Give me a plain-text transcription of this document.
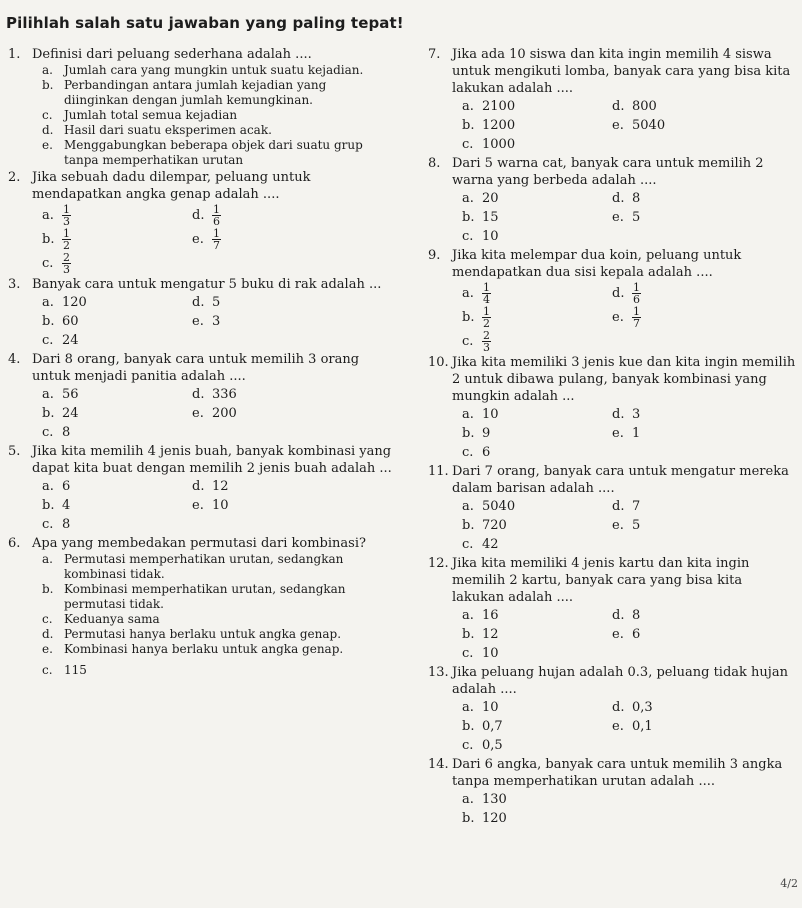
Pilihlah salah satu jawaban yang paling tepat!
1. Definisi dari peluang sederhana adalah ....
a. Jumlah cara yang mungkin untuk suatu kejadian.
b. Perbandingan antara jumlah kejadian yang diinginkan dengan jumlah kemungkinan.
c. Jumlah total semua kejadian
d. Hasil dari suatu eksperimen acak.
e. Menggabungkan beberapa objek dari suatu grup tanpa memperhatikan urutan
2. Jika sebuah dadu dilempar, peluang untuk mendapatkan angka genap adalah ....
a. $\frac{1}{3}$	d. $\frac{1}{6}$
b. $\frac{1}{2}$	e. $\frac{1}{7}$
c. $\frac{2}{3}$
3. Banyak cara untuk mengatur 5 buku di rak adalah ...
a. 120	d. 5
b. 60	e. 3
c. 24
4. Dari 8 orang, banyak cara untuk memilih 3 orang untuk menjadi panitia adalah ....
a. 56	d. 336
b. 24	e. 200
c. 8
5. Jika kita memilih 4 jenis buah, banyak kombinasi yang dapat kita buat dengan memilih 2 jenis buah adalah ...
a. 6	d. 12
b. 4	e. 10
c. 8
6. Apa yang membedakan permutasi dari kombinasi?
a. Permutasi memperhatikan urutan, sedangkan kombinasi tidak.
b. Kombinasi memperhatikan urutan, sedangkan permutasi tidak.
c. Keduanya sama
d. Permutasi hanya berlaku untuk angka genap.
e. Kombinasi hanya berlaku untuk angka genap.
c. 115
7. Jika ada 10 siswa dan kita ingin memilih 4 siswa untuk mengikuti lomba, banyak cara yang bisa kita lakukan adalah ....
a. 2100	d. 800
b. 1200	e. 5040
c. 1000
8. Dari 5 warna cat, banyak cara untuk memilih 2 warna yang berbeda adalah ....
a. 20	d. 8
b. 15	e. 5
c. 10
9. Jika kita melempar dua koin, peluang untuk mendapatkan dua sisi kepala adalah ....
a. $\frac{1}{4}$	d. $\frac{1}{6}$
b. $\frac{1}{2}$	e. $\frac{1}{7}$
c. $\frac{2}{3}$
10. Jika kita memiliki 3 jenis kue dan kita ingin memilih 2 untuk dibawa pulang, banyak kombinasi yang mungkin adalah ...
a. 10	d. 3
b. 9	e. 1
c. 6
11. Dari 7 orang, banyak cara untuk mengatur mereka dalam barisan adalah ....
a. 5040	d. 7
b. 720	e. 5
c. 42
12. Jika kita memiliki 4 jenis kartu dan kita ingin memilih 2 kartu, banyak cara yang bisa kita lakukan adalah ....
a. 16	d. 8
b. 12	e. 6
c. 10
13. Jika peluang hujan adalah 0.3, peluang tidak hujan adalah ....
a. 10	d. 0,3
b. 0,7	e. 0,1
c. 0,5
14. Dari 6 angka, banyak cara untuk memilih 3 angka tanpa memperhatikan urutan adalah ....
a. 130
b. 120
4/2
